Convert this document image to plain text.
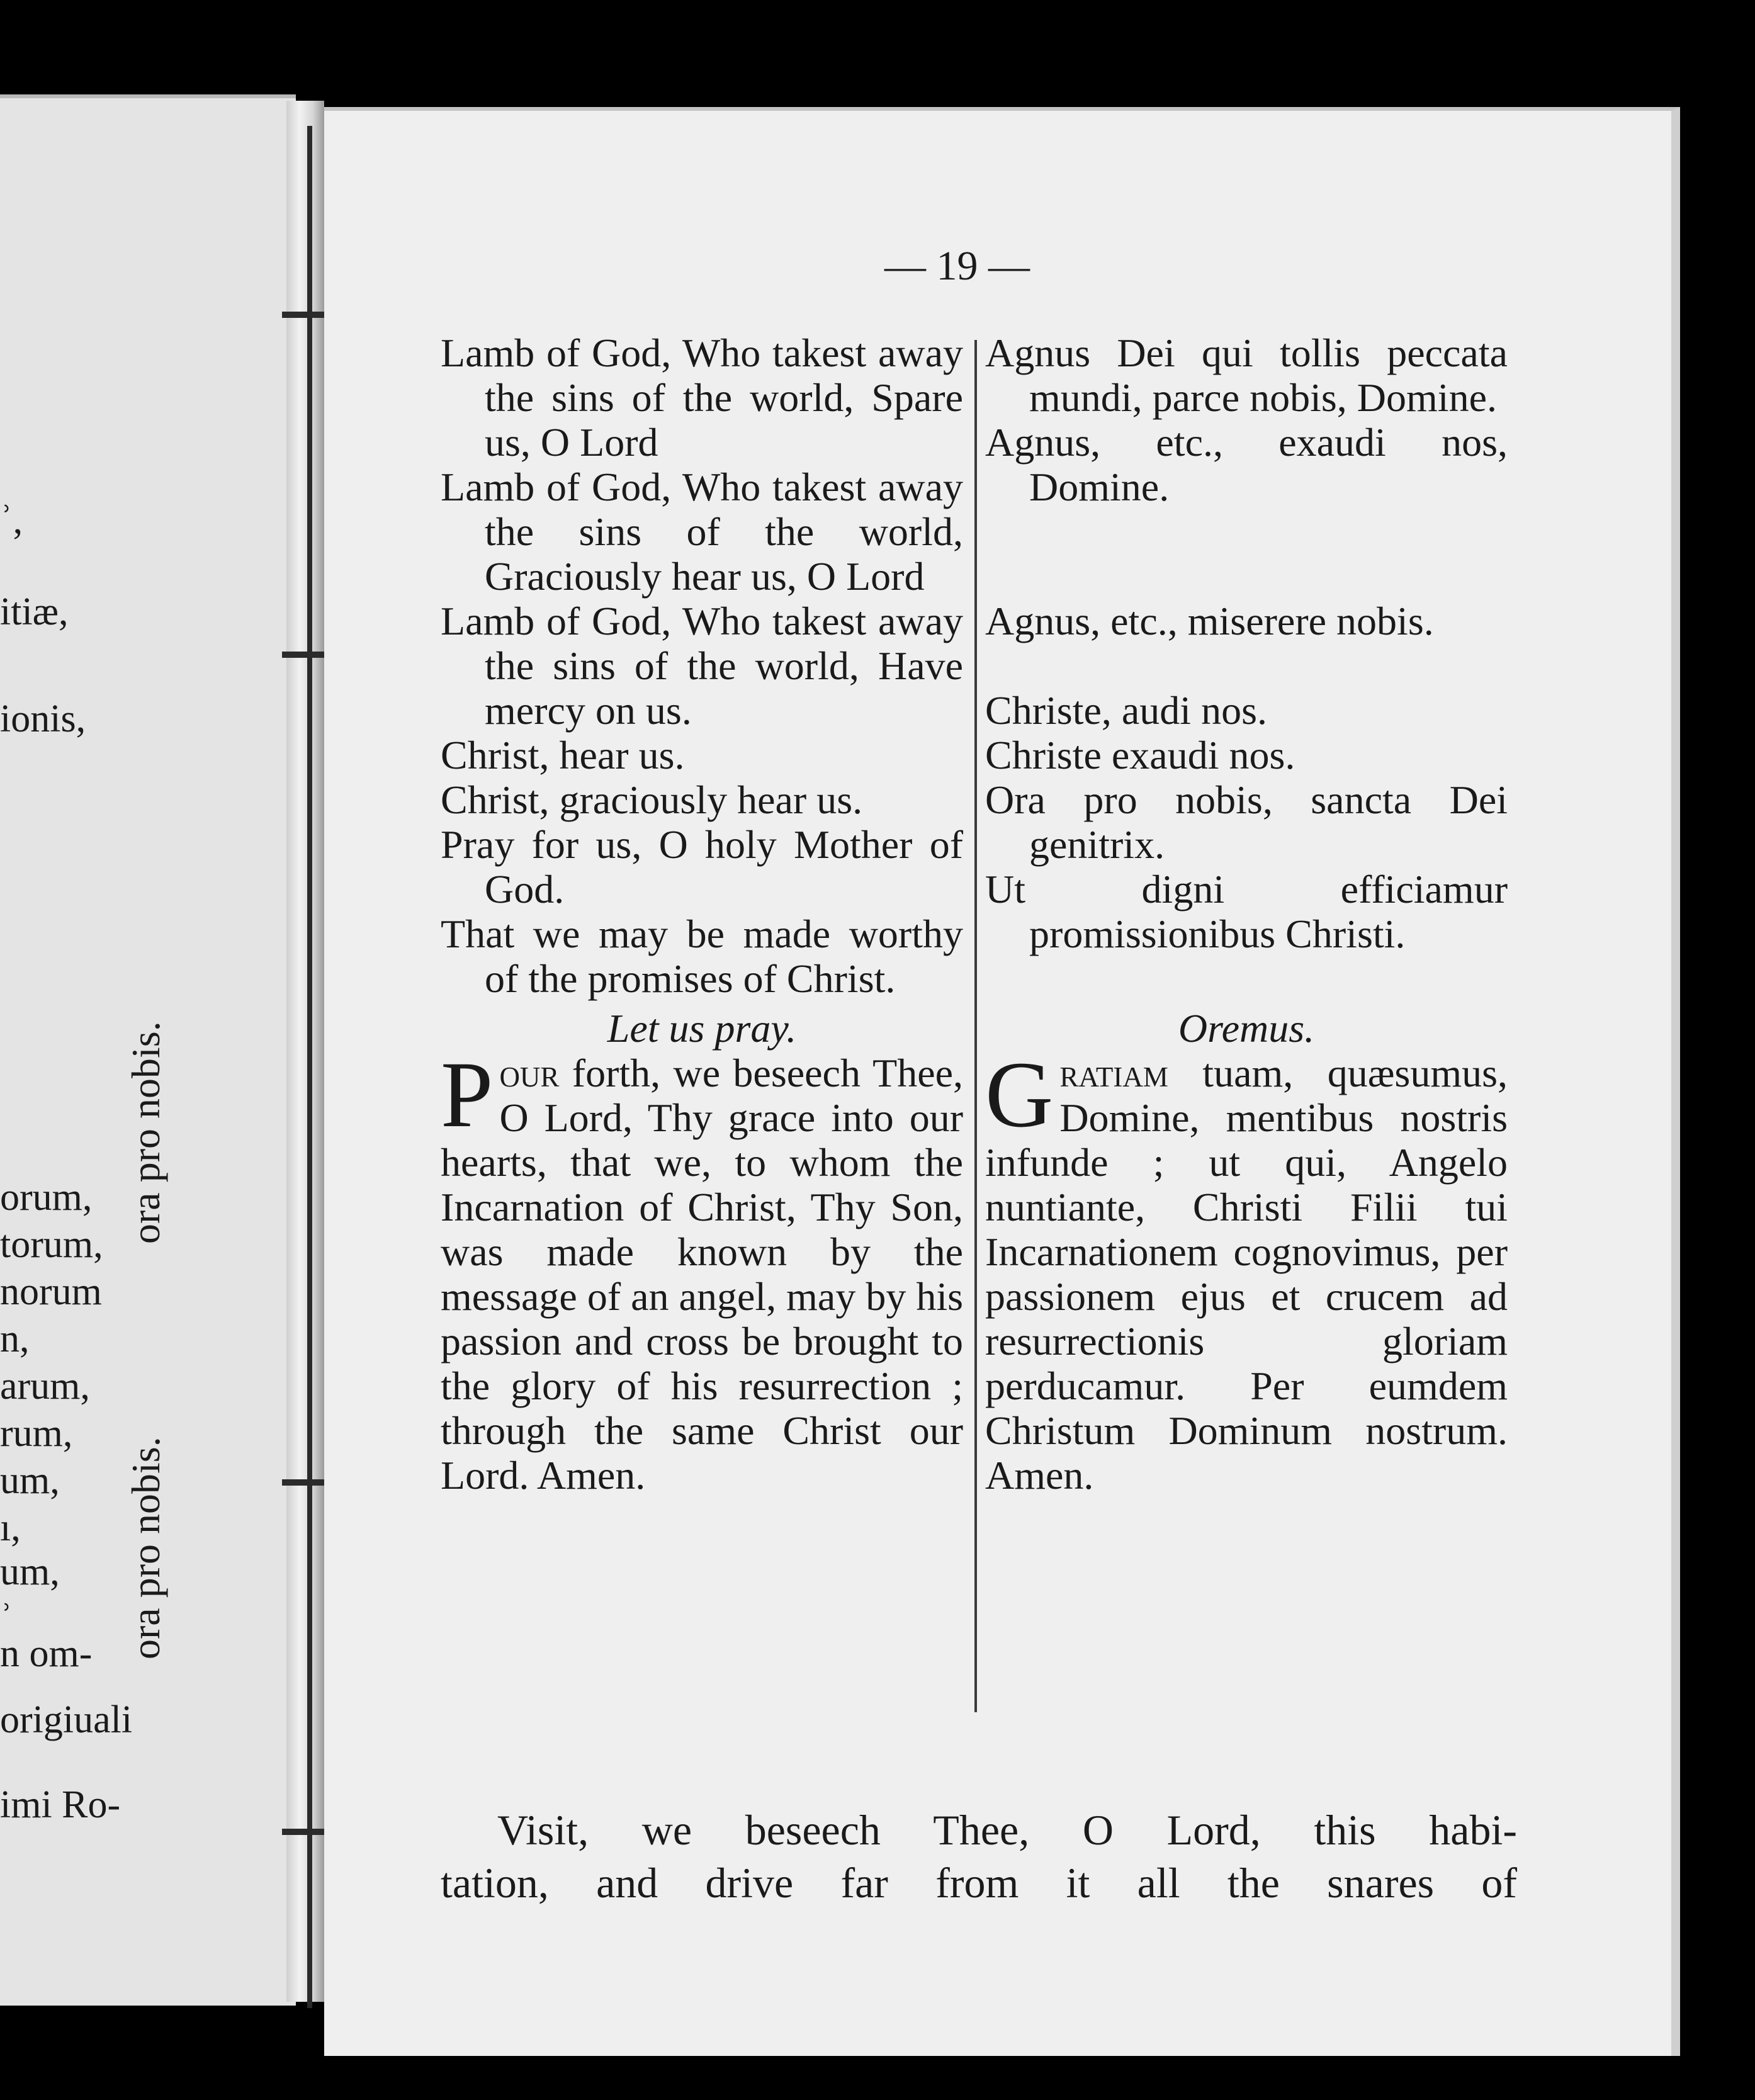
ʾ,
itiæ,
ionis,
orum,
torum,
norum
n,
arum,
rum,
um,
ı,
um,
ʾ
n om-
origiuali
imi Ro-
ora pro nobis.
ora pro nobis.
— 19 —
Lamb of God, Who takest away the sins of the world, Spare us, O Lord
Lamb of God, Who takest away the sins of the world, Graciously hear us, O Lord
Lamb of God, Who takest away the sins of the world, Have mercy on us.
Christ, hear us.
Christ, graciously hear us.
Pray for us, O holy Mother of God.
That we may be made worthy of the promises of Christ.
Let us pray.
Pour forth, we beseech Thee, O Lord, Thy grace into our hearts, that we, to whom the Incarnation of Christ, Thy Son, was made known by the message of an angel, may by his passion and cross be brought to the glory of his resurrection ; through the same Christ our Lord. Amen.
Agnus Dei qui tollis peccata mundi, parce nobis, Domine.
Agnus, etc., exaudi nos, Domine.
Agnus, etc., miserere nobis.
Christe, audi nos.
Christe exaudi nos.
Ora pro nobis, sancta Dei genitrix.
Ut digni efficiamur promissionibus Christi.
Oremus.
Gratiam tuam, quæsumus, Domine, mentibus nostris infunde ; ut qui, Angelo nuntiante, Christi Filii tui Incarnationem cognovimus, per passionem ejus et crucem ad resurrectionis gloriam perducamur. Per eumdem Christum Dominum nostrum. Amen.
Visit, we beseech Thee, O Lord, this habi-
tation, and drive far from it all the snares of
